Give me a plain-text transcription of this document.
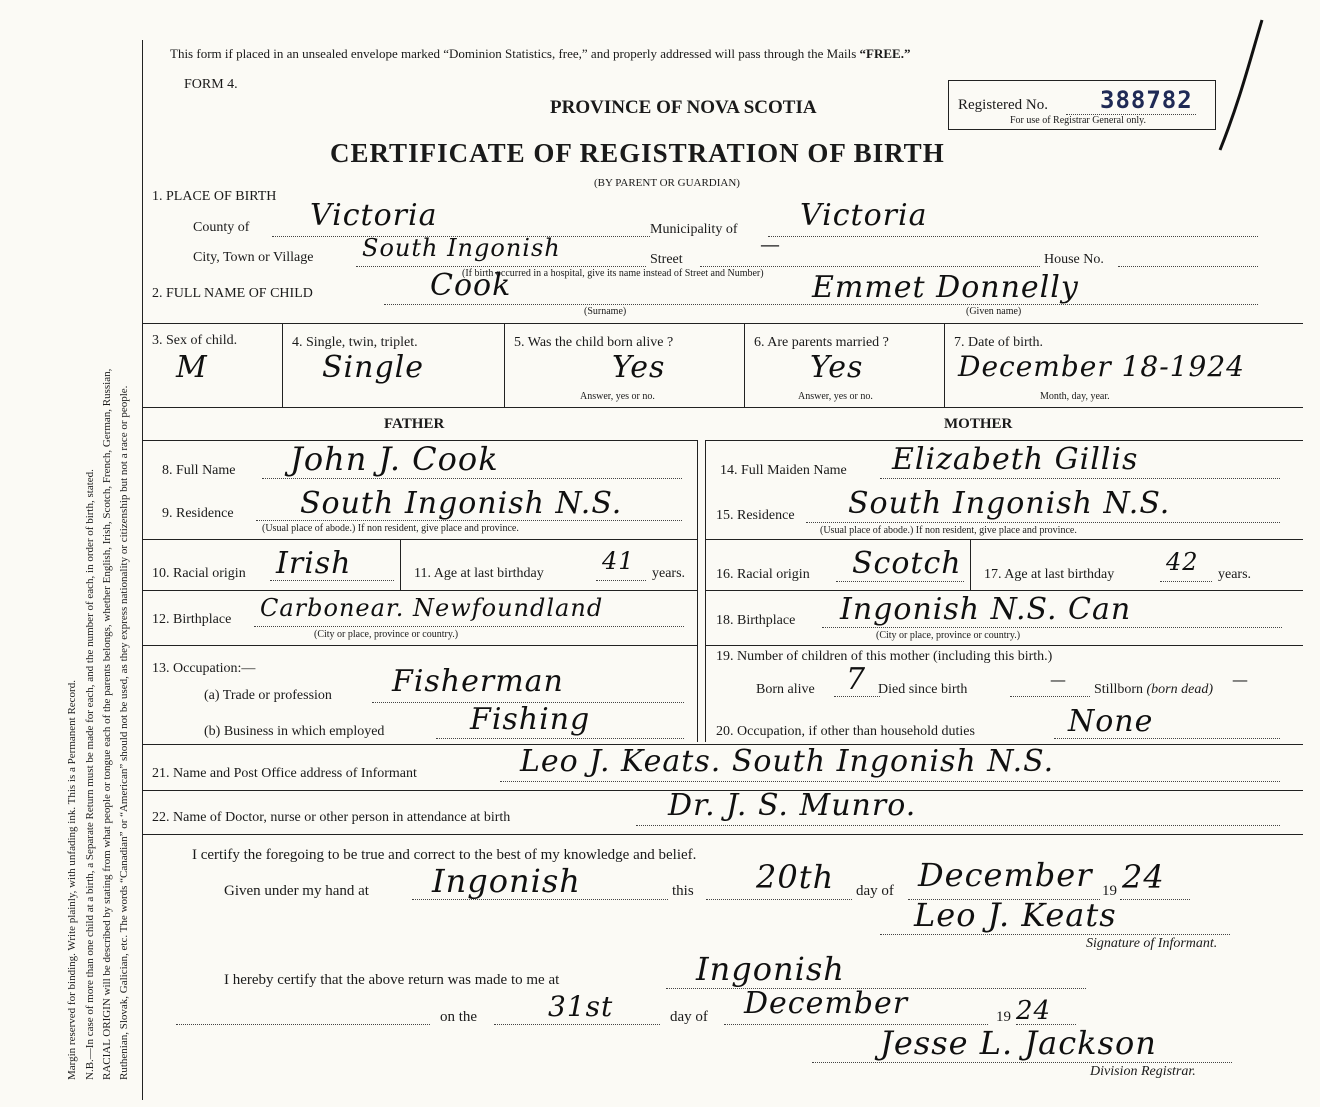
Margin reserved for binding. Write plainly, with unfading ink. This is a Permanent Record. N.B.—In case of more than one child at a birth, a Separate Return must be made for each, and the number of each, in order of birth, stated. RACIAL ORIGIN will be described by stating from what people or tongue each of the parents belongs, whether English, Irish, Scotch, French, German, Russian, Ruthenian, Slovak, Galician, etc. The words “Canadian” or “American” should not be used, as they express nationality or citizenship but not a race or people.
This form if placed in an unsealed envelope marked “Dominion Statistics, free,” and properly addressed will pass through the Mails “FREE.”
FORM 4.
PROVINCE OF NOVA SCOTIA
CERTIFICATE OF REGISTRATION OF BIRTH
(BY PARENT OR GUARDIAN)
Registered No. 388782
For use of Registrar General only.
1. PLACE OF BIRTH
County of Victoria	Municipality of Victoria
City, Town or Village South Ingonish	Street
—
House No.
(If birth occurred in a hospital, give its name instead of Street and Number)
2. FULL NAME OF CHILD	Cook	Emmet Donnelly
(Surname)	(Given name)
3. Sex of child.
M
4. Single, twin, triplet.
Single
5. Was the child born alive ?
Yes
Answer, yes or no.
6. Are parents married ?
Yes
Answer, yes or no.
7. Date of birth.
December 18-1924
Month, day, year.
FATHER	MOTHER
8. Full Name John J. Cook
9. Residence South Ingonish N.S.
(Usual place of abode.) If non resident, give place and province.
10. Racial origin Irish	11. Age at last birthday 41 years.
12. Birthplace Carbonear. Newfoundland
(City or place, province or country.)
13. Occupation:—
(a) Trade or profession Fisherman
(b) Business in which employed	Fishing
14. Full Maiden Name Elizabeth Gillis
15. Residence South Ingonish N.S.
(Usual place of abode.) If non resident, give place and province.
16. Racial origin Scotch 17. Age at last birthday 42 years.
18. Birthplace Ingonish N.S. Can
(City or place, province or country.)
19. Number of children of this mother (including this birth.)
Born alive 7 Died since birth
—
Stillborn (born dead)
—
20. Occupation, if other than household duties	None
21. Name and Post Office address of Informant	Leo J. Keats. South Ingonish N.S.
22. Name of Doctor, nurse or other person in attendance at birth	Dr. J. S. Munro.
I certify the foregoing to be true and correct to the best of my knowledge and belief.
Given under my hand at Ingonish	this 20th day of December 19 24
Leo J. Keats
Signature of Informant.
I hereby certify that the above return was made to me at	Ingonish
on the	31st	day of December	19 24
Jesse L. Jackson
Division Registrar.
